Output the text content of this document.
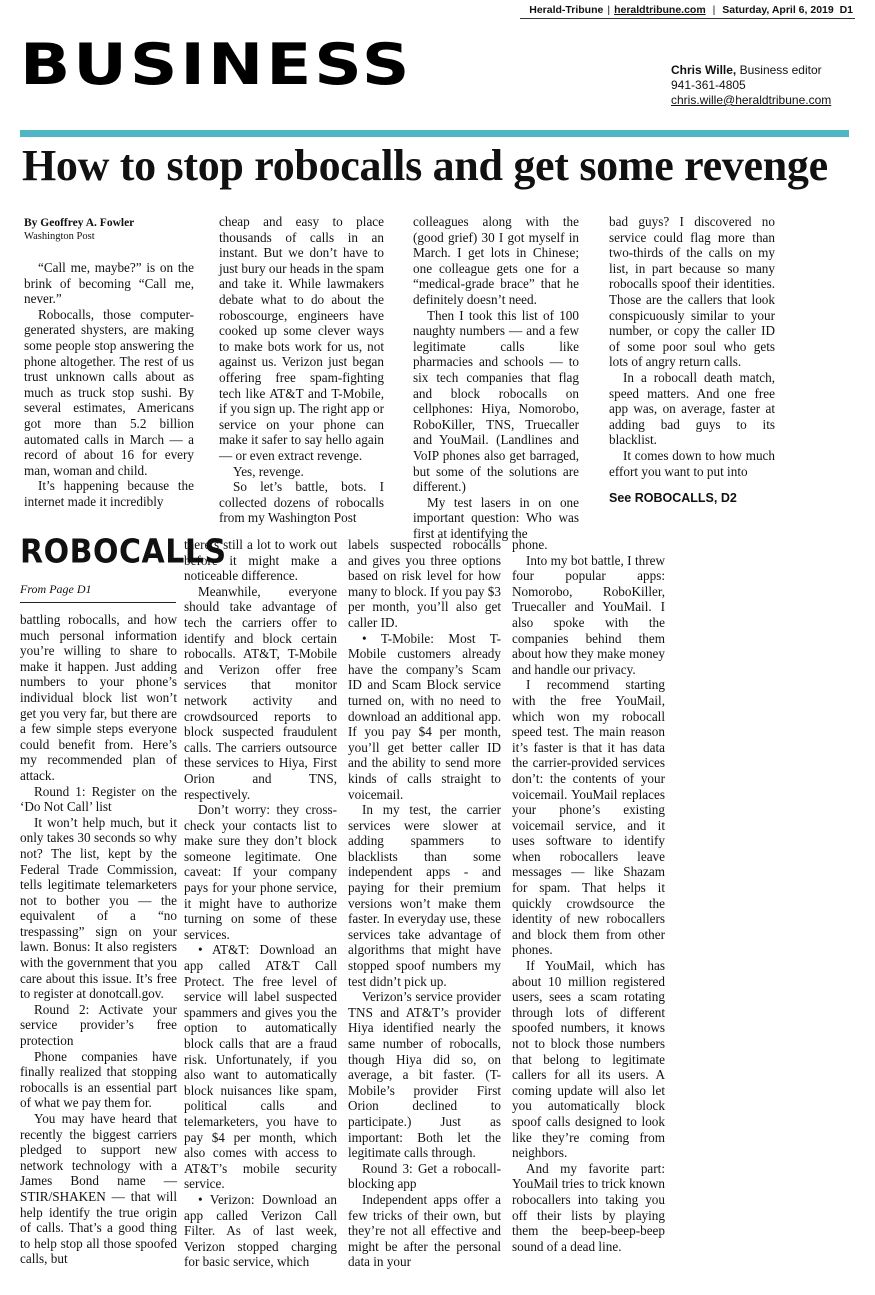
Herald-Tribune | heraldtribune.com | Saturday, April 6, 2019 D1
BUSINESS	Chris Wille, Business editor
941-361-4805
chris.wille@heraldtribune.com
How to stop robocalls and get some revenge
By Geoffrey A. Fowler
Washington Post

“Call me, maybe?” is on the brink of becoming “Call me, never.”

Robocalls, those computer-generated shysters, are making some people stop answering the phone altogether. The rest of us trust unknown calls about as much as truck stop sushi. By several estimates, Americans got more than 5.2 billion automated calls in March — a record of about 16 for every man, woman and child.

It’s happening because the internet made it incredibly

cheap and easy to place thousands of calls in an instant. But we don’t have to just bury our heads in the spam and take it. While lawmakers debate what to do about the roboscourge, engineers have cooked up some clever ways to make bots work for us, not against us. Verizon just began offering free spam-fighting tech like AT&T and T-Mobile, if you sign up. The right app or service on your phone can make it safer to say hello again — or even extract revenge.

Yes, revenge.

So let’s battle, bots. I collected dozens of robocalls from my Washington Post

colleagues along with the (good grief) 30 I got myself in March. I get lots in Chinese; one colleague gets one for a “medical-grade brace” that he definitely doesn’t need.

Then I took this list of 100 naughty numbers — and a few legitimate calls like pharmacies and schools — to six tech companies that flag and block robocalls on cellphones: Hiya, Nomorobo, RoboKiller, TNS, Truecaller and YouMail. (Landlines and VoIP phones also get barraged, but some of the solutions are different.)

My test lasers in on one important question: Who was first at identifying the

bad guys? I discovered no service could flag more than two-thirds of the calls on my list, in part because so many robocalls spoof their identities. Those are the callers that look conspicuously similar to your number, or copy the caller ID of some poor soul who gets lots of angry return calls.

In a robocall death match, speed matters. And one free app was, on average, faster at adding bad guys to its blacklist.

It comes down to how much effort you want to put into

See ROBOCALLS, D2

ROBOCALLS
From Page D1

battling robocalls, and how much personal information you’re willing to share to make it happen. Just adding numbers to your phone’s individual block list won’t get you very far, but there are a few simple steps everyone could benefit from. Here’s my recommended plan of attack.

Round 1: Register on the ‘Do Not Call’ list

It won’t help much, but it only takes 30 seconds so why not? The list, kept by the Federal Trade Commission, tells legitimate telemarketers not to bother you — the equivalent of a “no trespassing” sign on your lawn. Bonus: It also registers with the government that you care about this issue. It’s free to register at donotcall.gov.

Round 2: Activate your service provider’s free protection

Phone companies have finally realized that stopping robocalls is an essential part of what we pay them for.

You may have heard that recently the biggest carriers pledged to support new network technology with a James Bond name — STIR/SHAKEN — that will help identify the true origin of calls. That’s a good thing to help stop all those spoofed calls, but

there’s still a lot to work out before it might make a noticeable difference.

Meanwhile, everyone should take advantage of tech the carriers offer to identify and block certain robocalls. AT&T, T-Mobile and Verizon offer free services that monitor network activity and crowdsourced reports to block suspected fraudulent calls. The carriers outsource these services to Hiya, First Orion and TNS, respectively.

Don’t worry: they cross-check your contacts list to make sure they don’t block someone legitimate. One caveat: If your company pays for your phone service, it might have to authorize turning on some of these services.

• AT&T: Download an app called AT&T Call Protect. The free level of service will label suspected spammers and gives you the option to automatically block calls that are a fraud risk. Unfortunately, if you also want to automatically block nuisances like spam, political calls and telemarketers, you have to pay $4 per month, which also comes with access to AT&T’s mobile security service.

• Verizon: Download an app called Verizon Call Filter. As of last week, Verizon stopped charging for basic service, which

labels suspected robocalls and gives you three options based on risk level for how many to block. If you pay $3 per month, you’ll also get caller ID.

• T-Mobile: Most T-Mobile customers already have the company’s Scam ID and Scam Block service turned on, with no need to download an additional app. If you pay $4 per month, you’ll get better caller ID and the ability to send more kinds of calls straight to voicemail.

In my test, the carrier services were slower at adding spammers to blacklists than some independent apps - and paying for their premium versions won’t make them faster. In everyday use, these services take advantage of algorithms that might have stopped spoof numbers my test didn’t pick up.

Verizon’s service provider TNS and AT&T’s provider Hiya identified nearly the same number of robocalls, though Hiya did so, on average, a bit faster. (T-Mobile’s provider First Orion declined to participate.) Just as important: Both let the legitimate calls through.

Round 3: Get a robocall-blocking app

Independent apps offer a few tricks of their own, but they’re not all effective and might be after the personal data in your

phone.

Into my bot battle, I threw four popular apps: Nomorobo, RoboKiller, Truecaller and YouMail. I also spoke with the companies behind them about how they make money and handle our privacy.

I recommend starting with the free YouMail, which won my robocall speed test. The main reason it’s faster is that it has data the carrier-provided services don’t: the contents of your voicemail. YouMail replaces your phone’s existing voicemail service, and it uses software to identify when robocallers leave messages — like Shazam for spam. That helps it quickly crowdsource the identity of new robocallers and block them from other phones.

If YouMail, which has about 10 million registered users, sees a scam rotating through lots of different spoofed numbers, it knows not to block those numbers that belong to legitimate callers for all its users. A coming update will also let you automatically block spoof calls designed to look like they’re coming from neighbors.

And my favorite part: YouMail tries to trick known robocallers into taking you off their lists by playing them the beep-beep-beep sound of a dead line.
